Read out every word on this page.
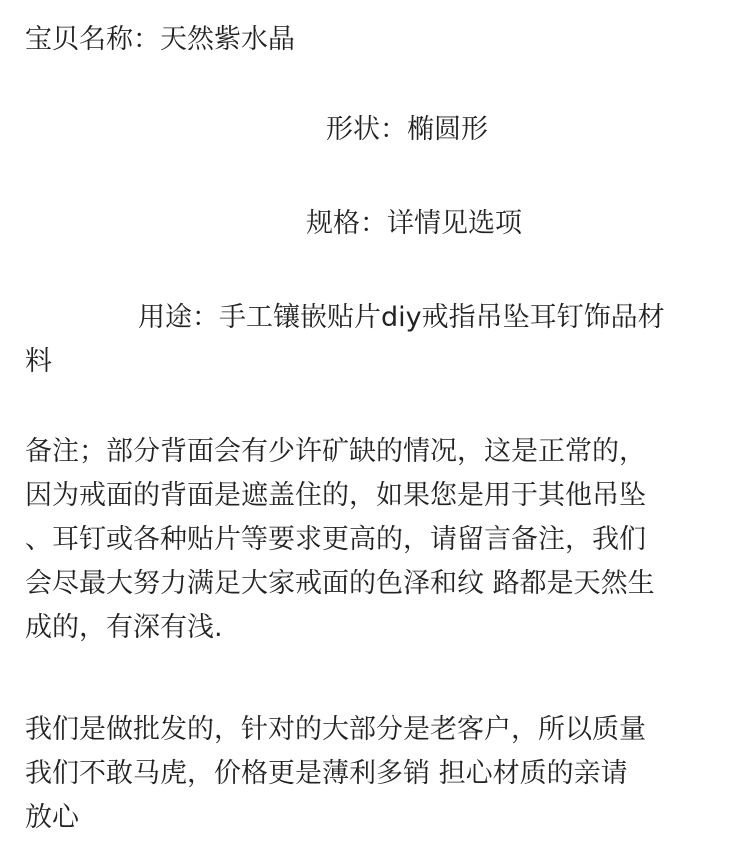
宝贝名称：天然紫水晶
形状：椭圆形
规格：详情见选项
用途：手工镶嵌贴片diy戒指吊坠耳钉饰品材
料
备注；部分背面会有少许矿缺的情况，这是正常的，
因为戒面的背面是遮盖住的，如果您是用于其他吊坠
、耳钉或各种贴片等要求更高的，请留言备注，我们
会尽最大努力满足大家戒面的色泽和纹 路都是天然生
成的，有深有浅.
我们是做批发的，针对的大部分是老客户，所以质量
我们不敢马虎，价格更是薄利多销 担心材质的亲请
放心
